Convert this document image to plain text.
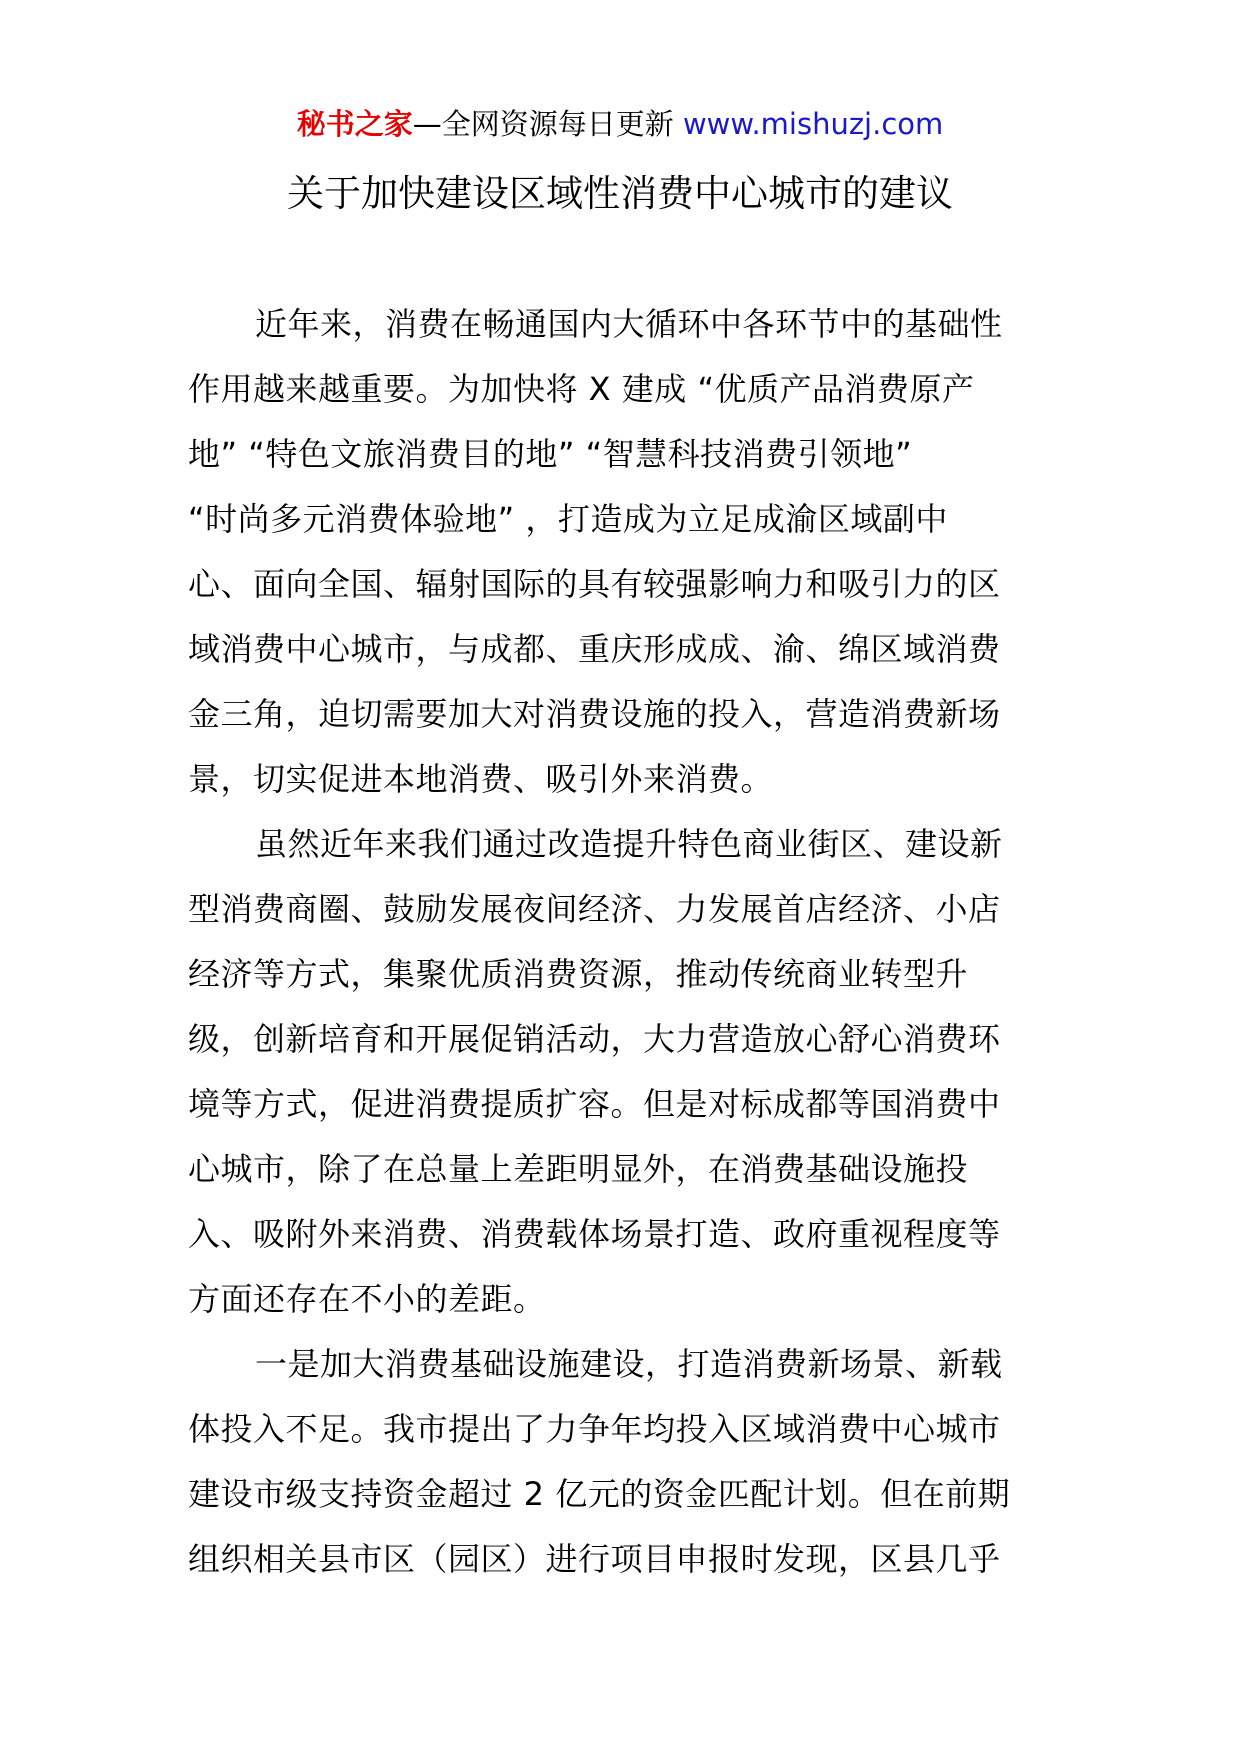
秘书之家—全网资源每日更新 www.mishuzj.com
关于加快建设区域性消费中心城市的建议
近年来，消费在畅通国内大循环中各环节中的基础性
作用越来越重要。为加快将 X 建成 “优质产品消费原产
地” “特色文旅消费目的地” “智慧科技消费引领地”
“时尚多元消费体验地” ，打造成为立足成渝区域副中
心、面向全国、辐射国际的具有较强影响力和吸引力的区
域消费中心城市，与成都、重庆形成成、渝、绵区域消费
金三角，迫切需要加大对消费设施的投入，营造消费新场
景，切实促进本地消费、吸引外来消费。
虽然近年来我们通过改造提升特色商业街区、建设新
型消费商圈、鼓励发展夜间经济、力发展首店经济、小店
经济等方式，集聚优质消费资源，推动传统商业转型升
级，创新培育和开展促销活动，大力营造放心舒心消费环
境等方式，促进消费提质扩容。但是对标成都等国消费中
心城市，除了在总量上差距明显外，在消费基础设施投
入、吸附外来消费、消费载体场景打造、政府重视程度等
方面还存在不小的差距。
一是加大消费基础设施建设，打造消费新场景、新载
体投入不足。我市提出了力争年均投入区域消费中心城市
建设市级支持资金超过 2 亿元的资金匹配计划。但在前期
组织相关县市区（园区）进行项目申报时发现，区县几乎
